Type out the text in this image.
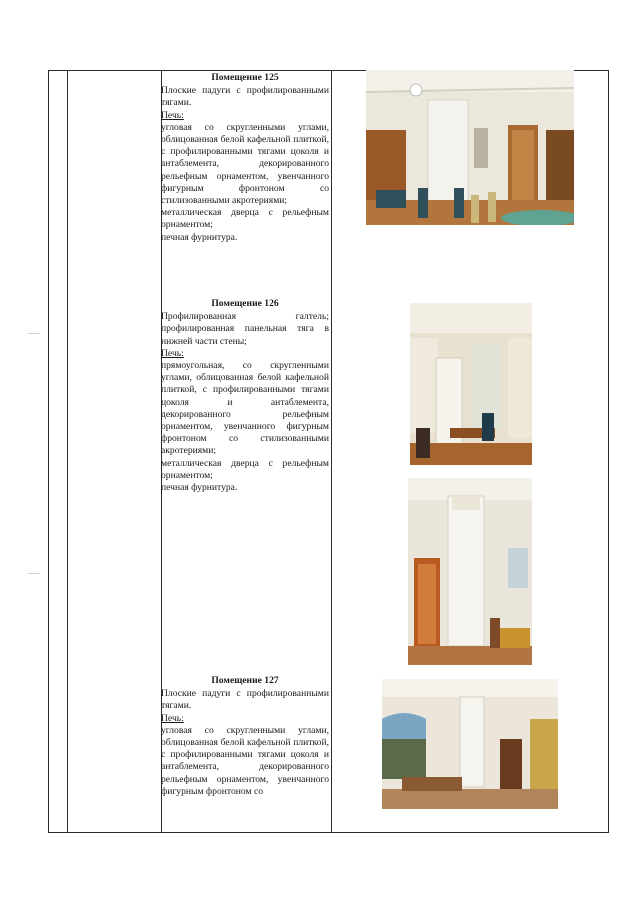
Помещение 125

Плоские падуги с профилированными тягами.

Печь:

угловая со скругленными углами, облицованная белой кафельной плиткой, с профилированными тягами цоколя и антаблемента, декорированного рельефным орнаментом, увенчанного фигурным фронтоном со стилизованными акротериями;

металлическая дверца с рельефным орнаментом;

печная фурнитура.

Помещение 126

Профилированная галтель; профилированная панельная тяга в нижней части стены;

Печь:

прямоугольная, со скругленными углами, облицованная белой кафельной плиткой, с профилированными тягами цоколя и антаблемента, декорированного рельефным орнаментом, увенчанного фигурным фронтоном со стилизованными акротериями;

металлическая дверца с рельефным орнаментом;

печная фурнитура.

Помещение 127

Плоские падуги с профилированными тягами.

Печь:

угловая со скругленными углами, облицованная белой кафельной плиткой, с профилированными тягами цоколя и антаблемента, декорированного рельефным орнаментом, увенчанного фигурным фронтоном со
